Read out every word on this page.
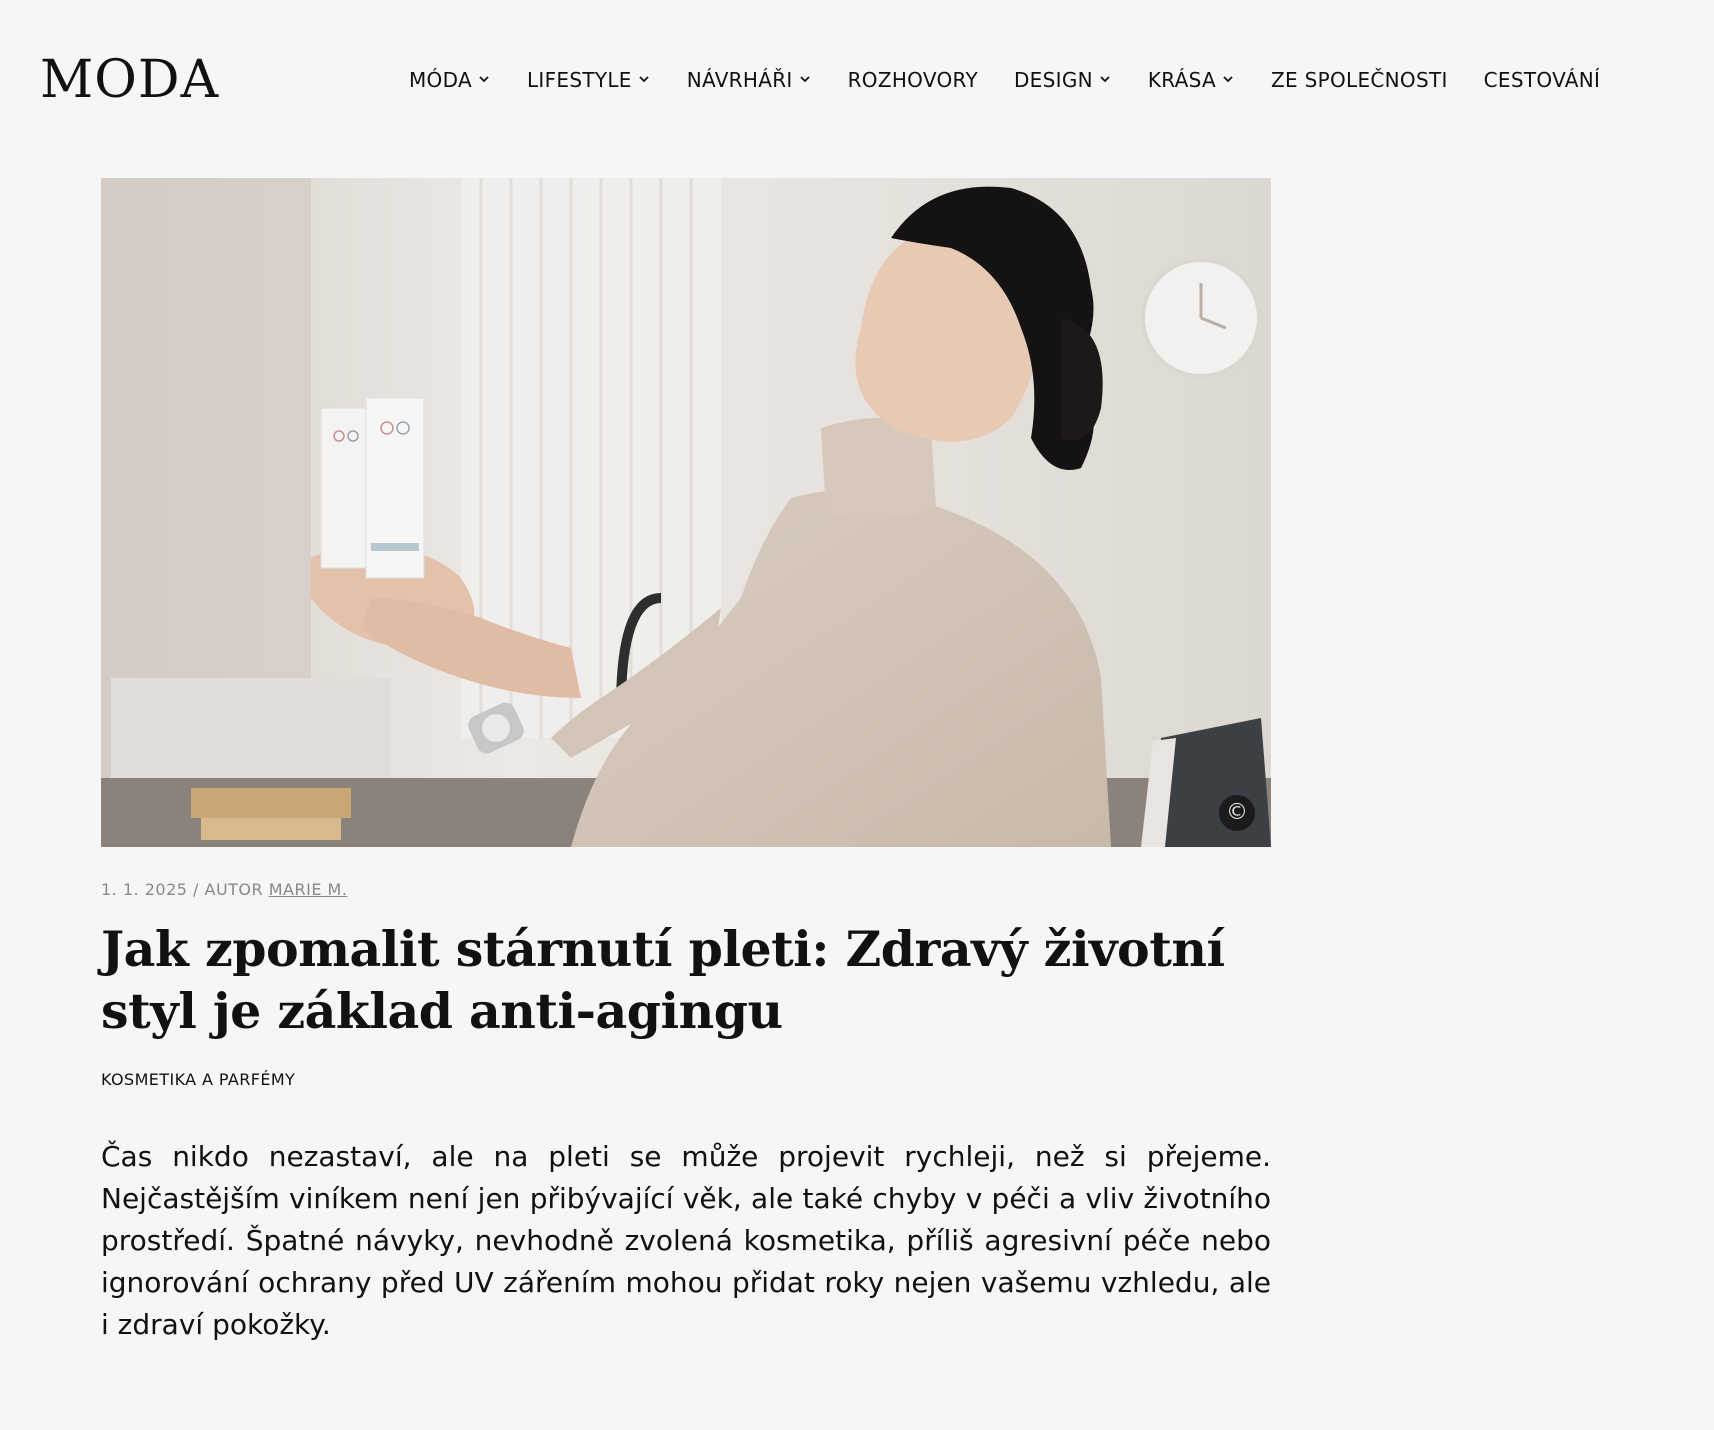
MODA	MÓDA	LIFESTYLE	NÁVRHÁŘI	ROZHOVORY DESIGN	KRÁSA	ZE SPOLEČNOSTI CESTOVÁNÍ
©
1. 1. 2025 / AUTOR MARIE M.
Jak zpomalit stárnutí pleti: Zdravý životní styl je základ anti-agingu
KOSMETIKA A PARFÉMY

Čas nikdo nezastaví, ale na pleti se může projevit rychleji, než si přejeme. Nejčastějším viníkem není jen přibývající věk, ale také chyby v péči a vliv životního prostředí. Špatné návyky, nevhodně zvolená kosmetika, příliš agresivní péče nebo ignorování ochrany před UV zářením mohou přidat roky nejen vašemu vzhledu, ale i zdraví pokožky.
